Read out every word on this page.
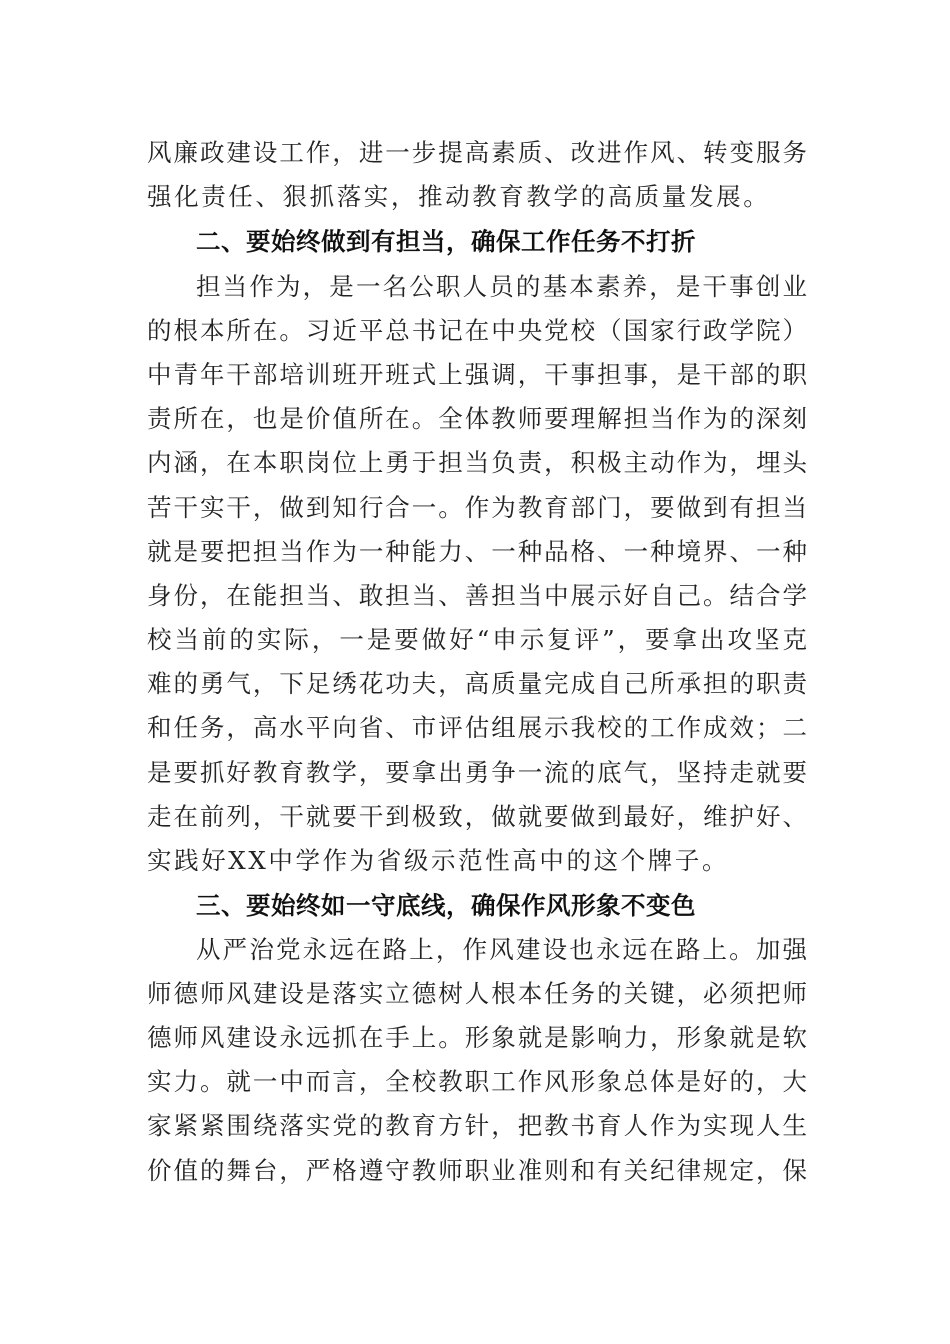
风廉政建设工作，进一步提高素质、改进作风、转变服务
强化责任、狠抓落实，推动教育教学的高质量发展。
二、要始终做到有担当，确保工作任务不打折
担当作为，是一名公职人员的基本素养，是干事创业
的根本所在。习近平总书记在中央党校（国家行政学院）
中青年干部培训班开班式上强调，干事担事，是干部的职
责所在，也是价值所在。全体教师要理解担当作为的深刻
内涵，在本职岗位上勇于担当负责，积极主动作为，埋头
苦干实干，做到知行合一。作为教育部门，要做到有担当
就是要把担当作为一种能力、一种品格、一种境界、一种
身份，在能担当、敢担当、善担当中展示好自己。结合学
校当前的实际，一是要做好“申示复评”，要拿出攻坚克
难的勇气，下足绣花功夫，高质量完成自己所承担的职责
和任务，高水平向省、市评估组展示我校的工作成效；二
是要抓好教育教学，要拿出勇争一流的底气，坚持走就要
走在前列，干就要干到极致，做就要做到最好，维护好、
实践好XX中学作为省级示范性高中的这个牌子。
三、要始终如一守底线，确保作风形象不变色
从严治党永远在路上，作风建设也永远在路上。加强
师德师风建设是落实立德树人根本任务的关键，必须把师
德师风建设永远抓在手上。形象就是影响力，形象就是软
实力。就一中而言，全校教职工作风形象总体是好的，大
家紧紧围绕落实党的教育方针，把教书育人作为实现人生
价值的舞台，严格遵守教师职业准则和有关纪律规定，保
